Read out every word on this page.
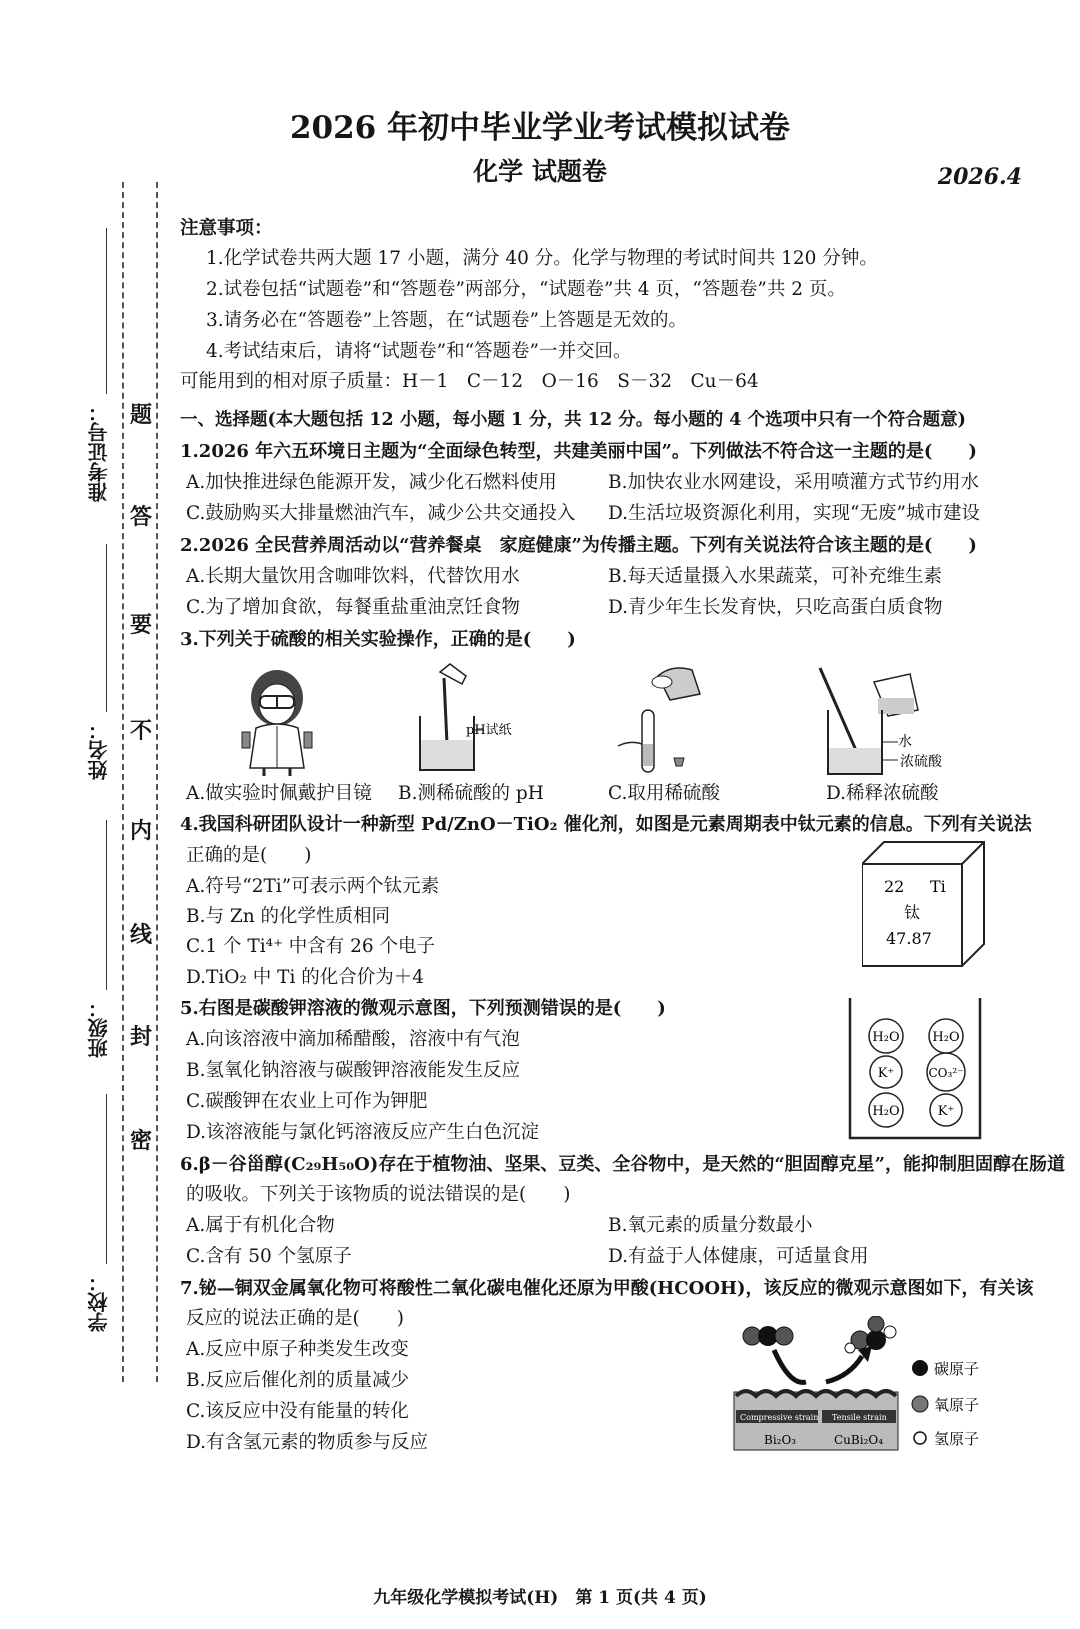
题
答
要
不
内
线
封
密
准考证号：
姓名：
班级：
学校：
2026 年初中毕业学业考试模拟试卷
化学 试题卷	2026.4
注意事项：
1.化学试卷共两大题 17 小题，满分 40 分。化学与物理的考试时间共 120 分钟。
2.试卷包括“试题卷”和“答题卷”两部分，“试题卷”共 4 页，“答题卷”共 2 页。
3.请务必在“答题卷”上答题，在“试题卷”上答题是无效的。
4.考试结束后，请将“试题卷”和“答题卷”一并交回。
可能用到的相对原子质量：H－1　C－12　O－16　S－32　Cu－64
一、选择题(本大题包括 12 小题，每小题 1 分，共 12 分。每小题的 4 个选项中只有一个符合题意)
1.2026 年六五环境日主题为“全面绿色转型，共建美丽中国”。下列做法不符合这一主题的是(　　)
A.加快推进绿色能源开发，减少化石燃料使用	B.加快农业水网建设，采用喷灌方式节约用水
C.鼓励购买大排量燃油汽车，减少公共交通投入 D.生活垃圾资源化利用，实现“无废”城市建设
2.2026 全民营养周活动以“营养餐桌　家庭健康”为传播主题。下列有关说法符合该主题的是(　　)
A.长期大量饮用含咖啡饮料，代替饮用水	B.每天适量摄入水果蔬菜，可补充维生素
C.为了增加食欲，每餐重盐重油烹饪食物	D.青少年生长发育快，只吃高蛋白质食物
3.下列关于硫酸的相关实验操作，正确的是(　　)
pH试纸
水
浓硫酸
A.做实验时佩戴护目镜 B.测稀硫酸的 pH	C.取用稀硫酸	D.稀释浓硫酸
4.我国科研团队设计一种新型 Pd/ZnO－TiO₂ 催化剂，如图是元素周期表中钛元素的信息。下列有关说法
正确的是(　　)
A.符号“2Ti”可表示两个钛元素
B.与 Zn 的化学性质相同
C.1 个 Ti⁴⁺ 中含有 26 个电子
D.TiO₂ 中 Ti 的化合价为＋4
22 Ti
钛
47.87
5.右图是碳酸钾溶液的微观示意图，下列预测错误的是(　　)
A.向该溶液中滴加稀醋酸，溶液中有气泡
B.氢氧化钠溶液与碳酸钾溶液能发生反应
C.碳酸钾在农业上可作为钾肥
D.该溶液能与氯化钙溶液反应产生白色沉淀
H₂O	H₂O
K⁺	CO₃²⁻
H₂O	K⁺
6.β－谷甾醇(C₂₉H₅₀O)存在于植物油、坚果、豆类、全谷物中，是天然的“胆固醇克星”，能抑制胆固醇在肠道
的吸收。下列关于该物质的说法错误的是(　　)
A.属于有机化合物	B.氧元素的质量分数最小
C.含有 50 个氢原子	D.有益于人体健康，可适量食用
7.铋—铜双金属氧化物可将酸性二氧化碳电催化还原为甲酸(HCOOH)，该反应的微观示意图如下，有关该
反应的说法正确的是(　　)
A.反应中原子种类发生改变
B.反应后催化剂的质量减少
C.该反应中没有能量的转化
D.有含氢元素的物质参与反应
Compressive strain Tensile strain
Bi₂O₃	CuBi₂O₄
碳原子
氧原子
氢原子
九年级化学模拟考试(H)　第 1 页(共 4 页)
